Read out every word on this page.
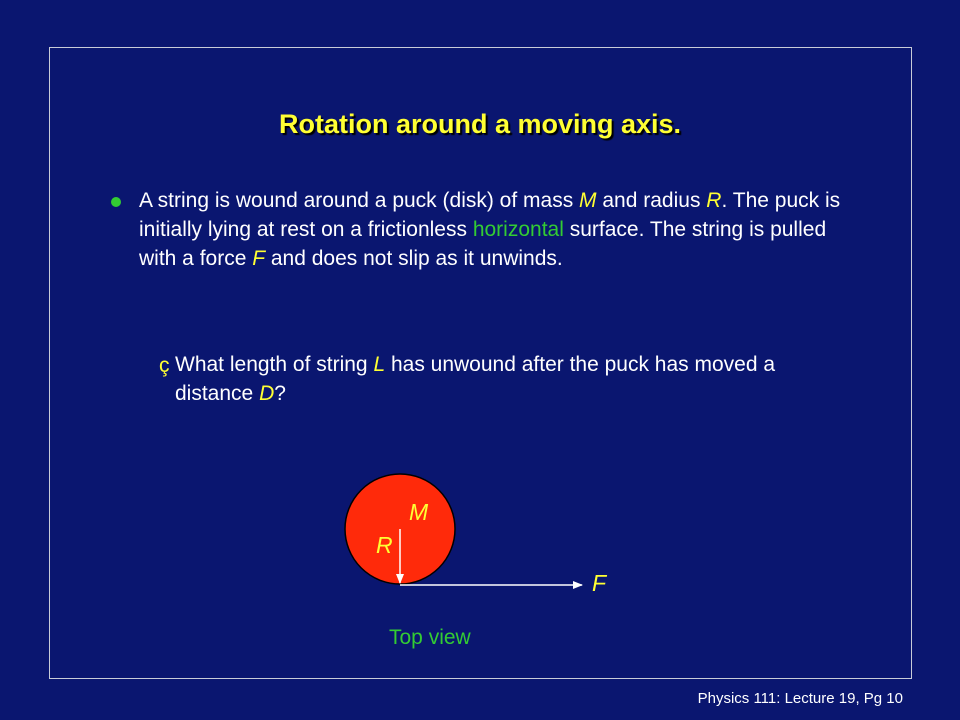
Rotation around a moving axis.
A string is wound around a puck (disk) of mass M and radius R. The puck is initially lying at rest on a frictionless horizontal surface. The string is pulled with a force F and does not slip as it unwinds.
ç What length of string L has unwound after the puck has moved a distance D?
M
R
F
Top view
Physics 111: Lecture 19, Pg 10
